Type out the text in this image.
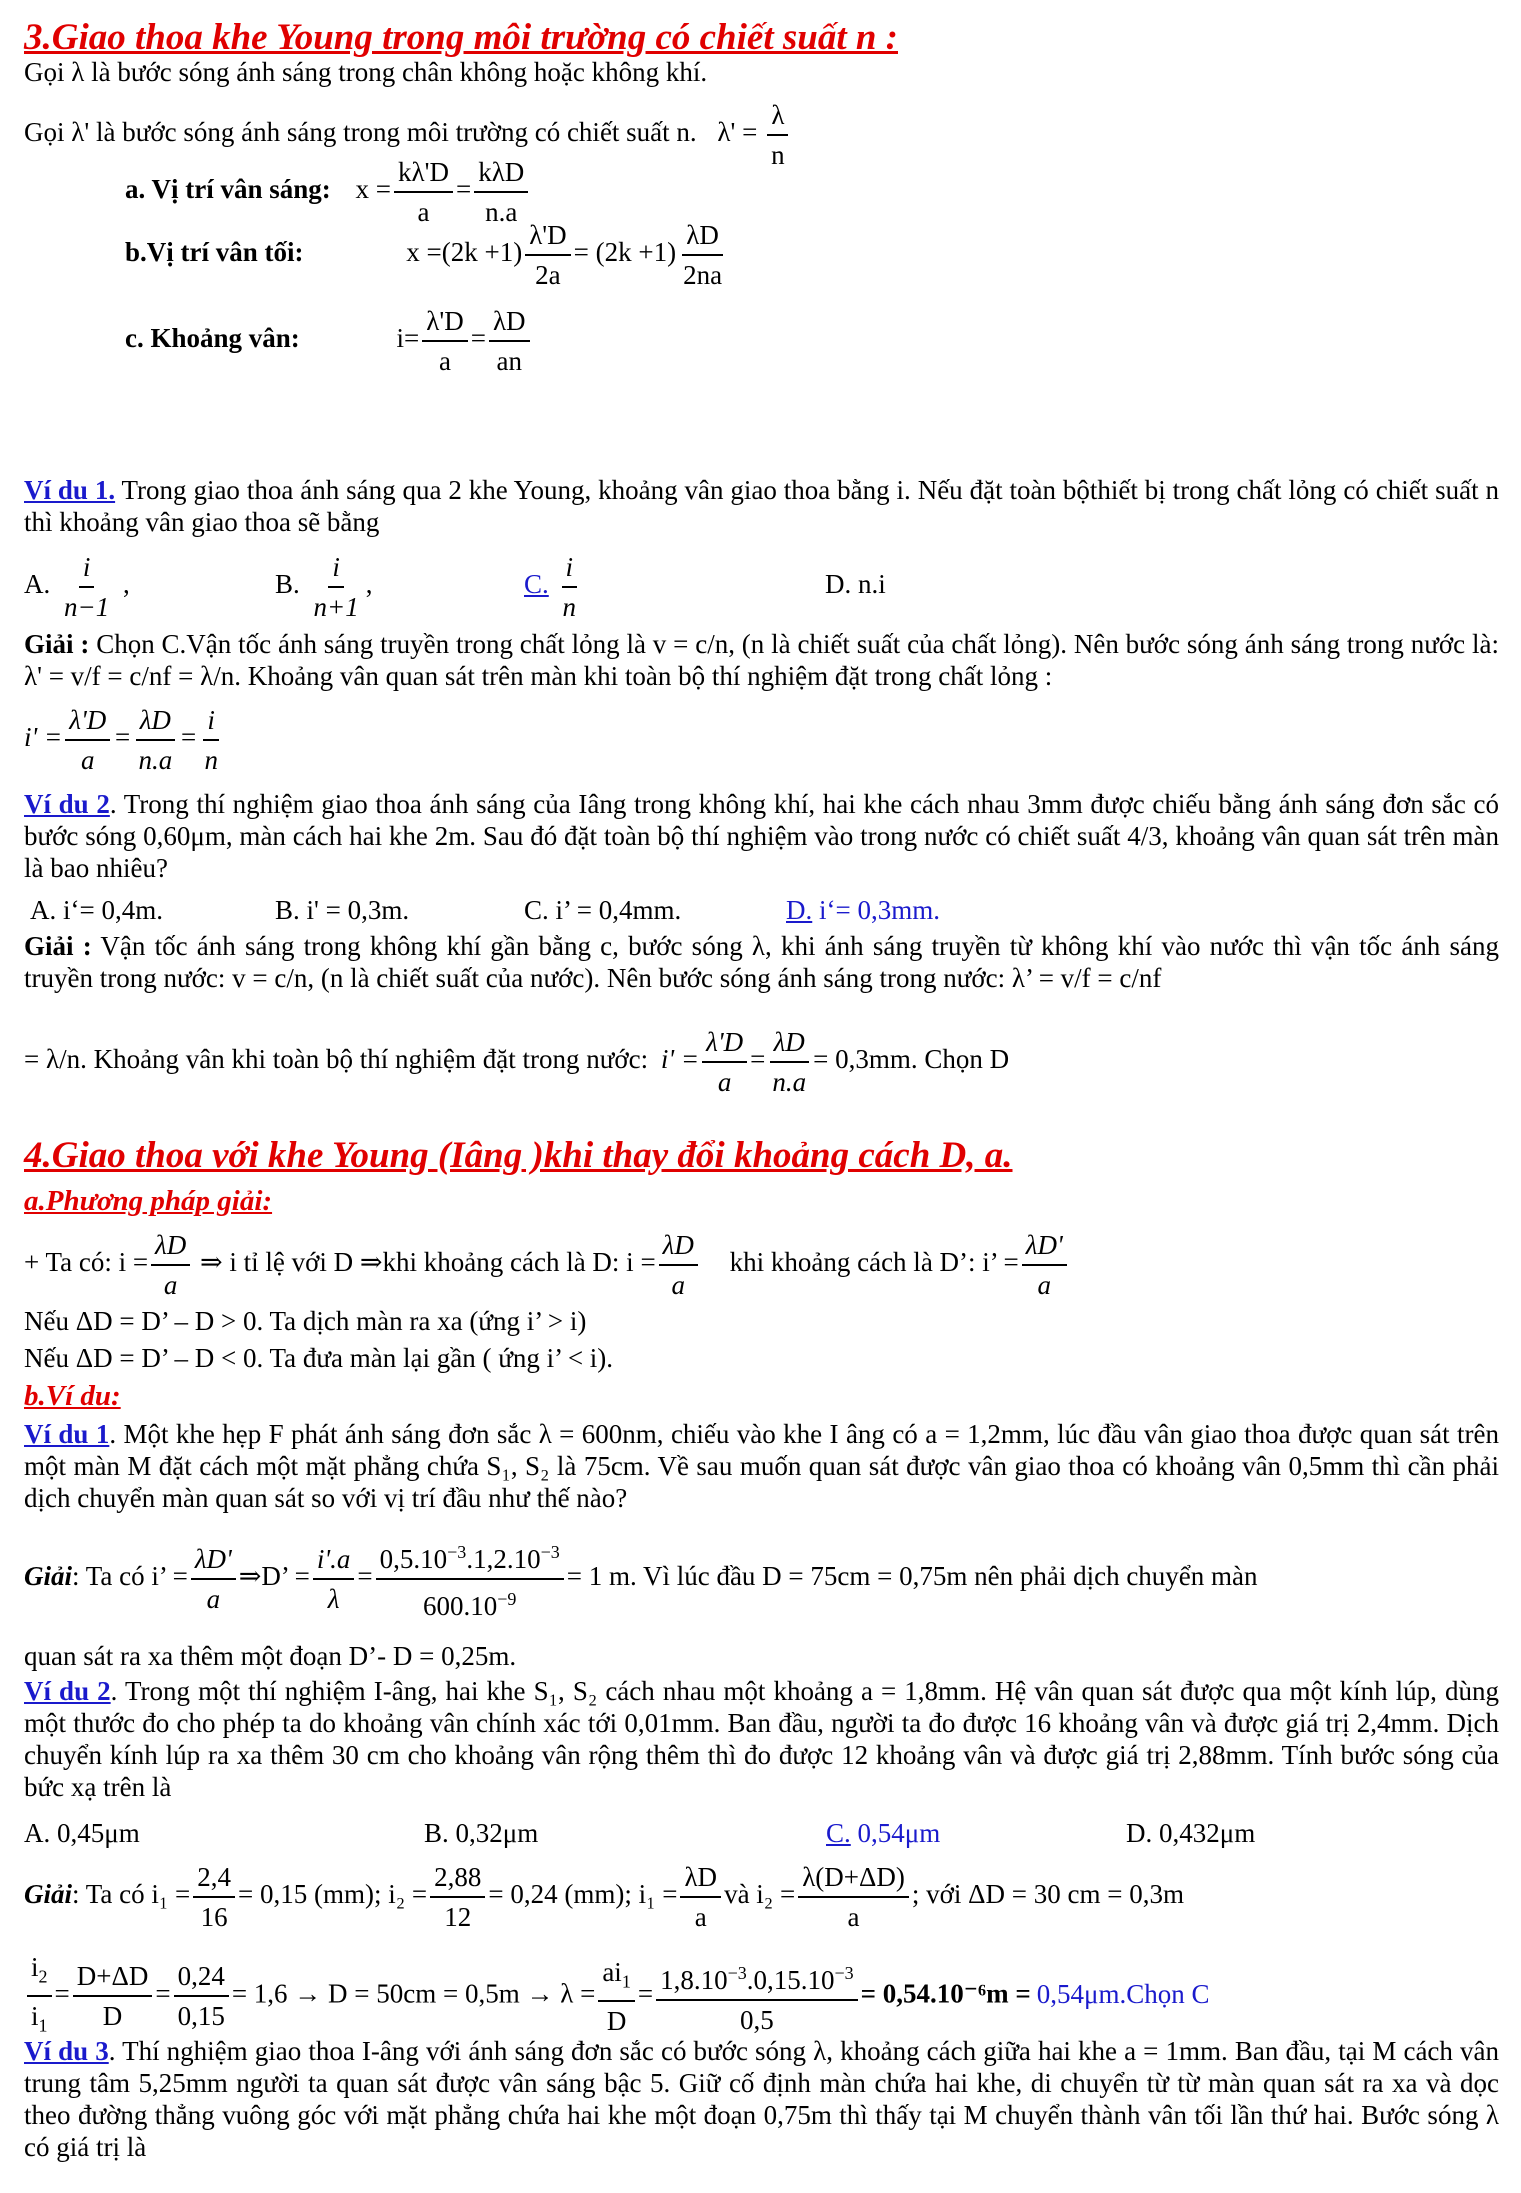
3.Giao thoa khe Young trong môi trường có chiết suất n :
Gọi λ là bước sóng ánh sáng trong chân không hoặc không khí.
Gọi λ' là bước sóng ánh sáng trong môi trường có chiết suất n. $\lambda' = \frac{\lambda}{n}$
a. Vị trí vân sáng: $x = \frac{k\lambda'D}{a} = \frac{\text{kλD}}{n.a}$
b.Vị trí vân tối:	$x =(2k +1) \frac{\lambda'D}{2a} = (2k +1) \frac{\lambda D}{2na}$
c. Khoảng vân:	$i= \frac{\lambda'D}{a} = \frac{\lambda D}{an}$
Ví du 1. Trong giao thoa ánh sáng qua 2 khe Young, khoảng vân giao thoa bằng i. Nếu đặt toàn bộthiết bị trong chất lỏng có chiết suất n thì khoảng vân giao thoa sẽ bằng
A. $\frac{i}{n-1}$ ,	B. $\frac{i}{n+1}$ ,	C. $\frac{i}{n}$	D. n.i
Giải : Chọn C.Vận tốc ánh sáng truyền trong chất lỏng là v = c/n, (n là chiết suất của chất lỏng). Nên bước sóng ánh sáng trong nước là: λ' = v/f = c/nf = λ/n. Khoảng vân quan sát trên màn khi toàn bộ thí nghiệm đặt trong chất lỏng :
$i' = \frac{\lambda'D}{a} = \frac{\lambda D}{n.a} = \frac{i}{n}$
Ví du 2. Trong thí nghiệm giao thoa ánh sáng của Iâng trong không khí, hai khe cách nhau 3mm được chiếu bằng ánh sáng đơn sắc có bước sóng 0,60μm, màn cách hai khe 2m. Sau đó đặt toàn bộ thí nghiệm vào trong nước có chiết suất 4/3, khoảng vân quan sát trên màn là bao nhiêu?
A. i‘= 0,4m.	B. i' = 0,3m.	C. i’ = 0,4mm.	D. i‘= 0,3mm.
Giải : Vận tốc ánh sáng trong không khí gần bằng c, bước sóng λ, khi ánh sáng truyền từ không khí vào nước thì vận tốc ánh sáng truyền trong nước: v = c/n, (n là chiết suất của nước). Nên bước sóng ánh sáng trong nước: λ’ = v/f = c/nf
= λ/n. Khoảng vân khi toàn bộ thí nghiệm đặt trong nước: $i' = \frac{\lambda'D}{a} = \frac{\lambda D}{n.a} = 0,3mm$. Chọn D
4.Giao thoa với khe Young (Iâng )khi thay đổi khoảng cách D, a.
a.Phương pháp giải:
+ Ta có: $i = \frac{\lambda D}{a}$ ⇒ i tỉ lệ với D ⇒khi khoảng cách là D: $i = \frac{\lambda D}{a}$ khi khoảng cách là D’: i’ = $\frac{\lambda D'}{a}$
Nếu ΔD = D’ – D > 0. Ta dịch màn ra xa (ứng i’ > i)
Nếu ΔD = D’ – D < 0. Ta đưa màn lại gần ( ứng i’ < i).
b.Ví du:
Ví du 1. Một khe hẹp F phát ánh sáng đơn sắc λ = 600nm, chiếu vào khe I âng có a = 1,2mm, lúc đầu vân giao thoa được quan sát trên một màn M đặt cách một mặt phẳng chứa S₁, S₂ là 75cm. Về sau muốn quan sát được vân giao thoa có khoảng vân 0,5mm thì cần phải dịch chuyển màn quan sát so với vị trí đầu như thế nào?
Giải: Ta có i’ = $\frac{\lambda D'}{a}$ ⇒D’ = $\frac{i'.a}{\lambda} = \frac{0,5.10^{-3}.1,2.10^{-3}}{600.10^{-9}} = 1$ m. Vì lúc đầu D = 75cm = 0,75m nên phải dịch chuyển màn
quan sát ra xa thêm một đoạn D’- D = 0,25m.
Ví du 2. Trong một thí nghiệm I-âng, hai khe S₁, S₂ cách nhau một khoảng a = 1,8mm. Hệ vân quan sát được qua một kính lúp, dùng một thước đo cho phép ta do khoảng vân chính xác tới 0,01mm. Ban đầu, người ta đo được 16 khoảng vân và được giá trị 2,4mm. Dịch chuyển kính lúp ra xa thêm 30 cm cho khoảng vân rộng thêm thì đo được 12 khoảng vân và được giá trị 2,88mm. Tính bước sóng của bức xạ trên là
A. 0,45μm	B. 0,32μm	C. 0,54μm	D. 0,432μm
Giải: Ta có $i_1 = \frac{2,4}{16} = 0,15$ (mm); $i_2 = \frac{2,88}{12} = 0,24$ (mm); $i_1 = \frac{\lambda D}{a}$ và $i_2 = \frac{\lambda(D+\Delta D)}{a}$ ; với ΔD = 30 cm = 0,3m
$\frac{i_2}{i_1} = \frac{D+\Delta D}{D} = \frac{0,24}{0,15} = 1,6 \to D = 50cm = 0,5m \to \lambda = \frac{ai_1}{D} = \frac{1,8.10^{-3}.0,15.10^{-3}}{0,5} = 0,54.10^{-6}m$ = 0,54μm.Chọn C
Ví du 3. Thí nghiệm giao thoa I-âng với ánh sáng đơn sắc có bước sóng λ, khoảng cách giữa hai khe a = 1mm. Ban đầu, tại M cách vân trung tâm 5,25mm người ta quan sát được vân sáng bậc 5. Giữ cố định màn chứa hai khe, di chuyển từ từ màn quan sát ra xa và dọc theo đường thẳng vuông góc với mặt phẳng chứa hai khe một đoạn 0,75m thì thấy tại M chuyển thành vân tối lần thứ hai. Bước sóng λ có giá trị là
